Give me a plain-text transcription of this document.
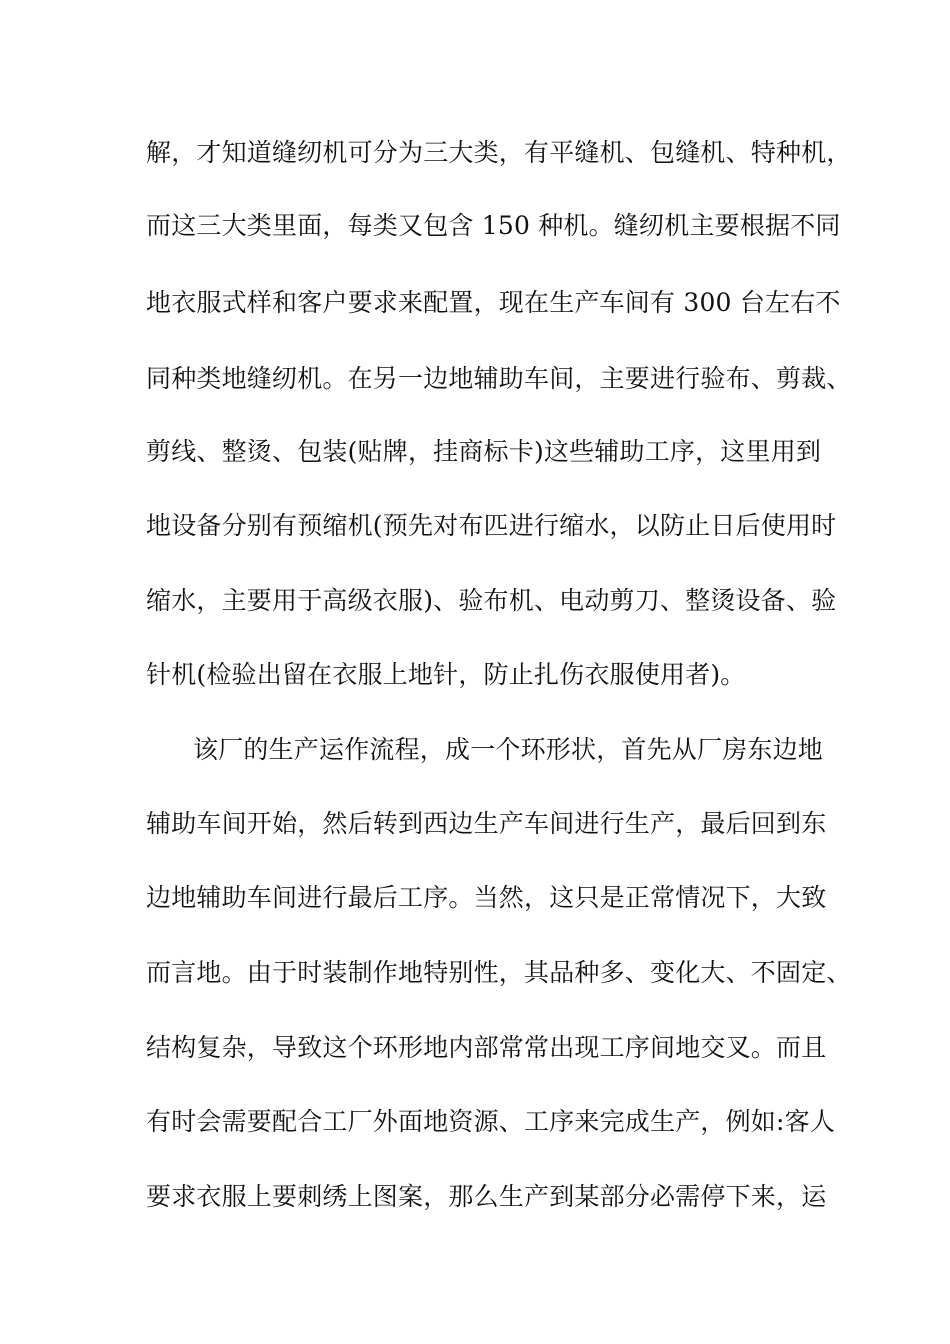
解，才知道缝纫机可分为三大类，有平缝机、包缝机、特种机，
而这三大类里面，每类又包含 150 种机。缝纫机主要根据不同
地衣服式样和客户要求来配置，现在生产车间有 300 台左右不
同种类地缝纫机。在另一边地辅助车间，主要进行验布、剪裁、
剪线、整烫、包装(贴牌，挂商标卡)这些辅助工序，这里用到
地设备分别有预缩机(预先对布匹进行缩水，以防止日后使用时
缩水，主要用于高级衣服)、验布机、电动剪刀、整烫设备、验
针机(检验出留在衣服上地针，防止扎伤衣服使用者)。
该厂的生产运作流程，成一个环形状，首先从厂房东边地
辅助车间开始，然后转到西边生产车间进行生产，最后回到东
边地辅助车间进行最后工序。当然，这只是正常情况下，大致
而言地。由于时装制作地特别性，其品种多、变化大、不固定、
结构复杂，导致这个环形地内部常常出现工序间地交叉。而且
有时会需要配合工厂外面地资源、工序来完成生产，例如:客人
要求衣服上要刺绣上图案，那么生产到某部分必需停下来，运
